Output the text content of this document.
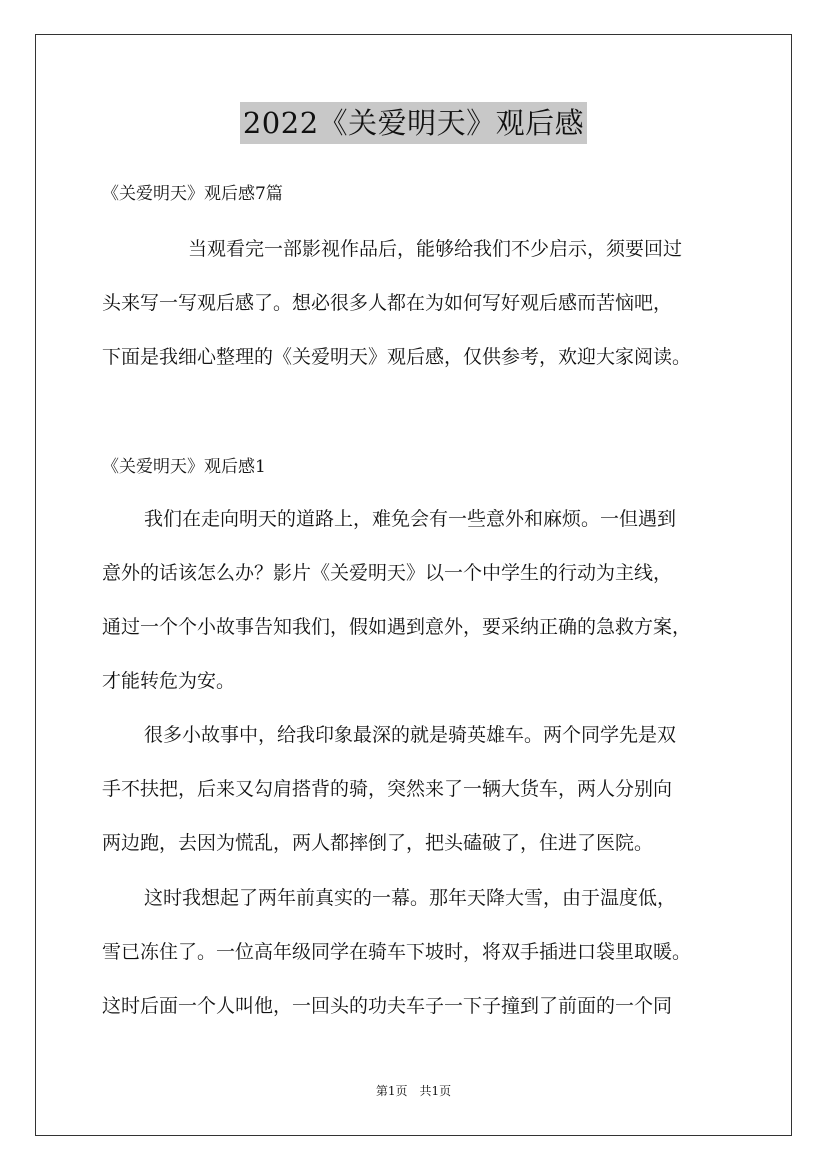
2022《关爱明天》观后感
《关爱明天》观后感7篇
当观看完一部影视作品后，能够给我们不少启示，须要回过
头来写一写观后感了。想必很多人都在为如何写好观后感而苦恼吧，
下面是我细心整理的《关爱明天》观后感，仅供参考，欢迎大家阅读。
《关爱明天》观后感1
我们在走向明天的道路上，难免会有一些意外和麻烦。一但遇到
意外的话该怎么办？影片《关爱明天》以一个中学生的行动为主线，
通过一个个小故事告知我们，假如遇到意外，要采纳正确的急救方案，
才能转危为安。
很多小故事中，给我印象最深的就是骑英雄车。两个同学先是双
手不扶把，后来又勾肩搭背的骑，突然来了一辆大货车，两人分别向
两边跑，去因为慌乱，两人都摔倒了，把头磕破了，住进了医院。
这时我想起了两年前真实的一幕。那年天降大雪，由于温度低，
雪已冻住了。一位高年级同学在骑车下坡时，将双手插进口袋里取暖。
这时后面一个人叫他，一回头的功夫车子一下子撞到了前面的一个同
第1页　共1页
